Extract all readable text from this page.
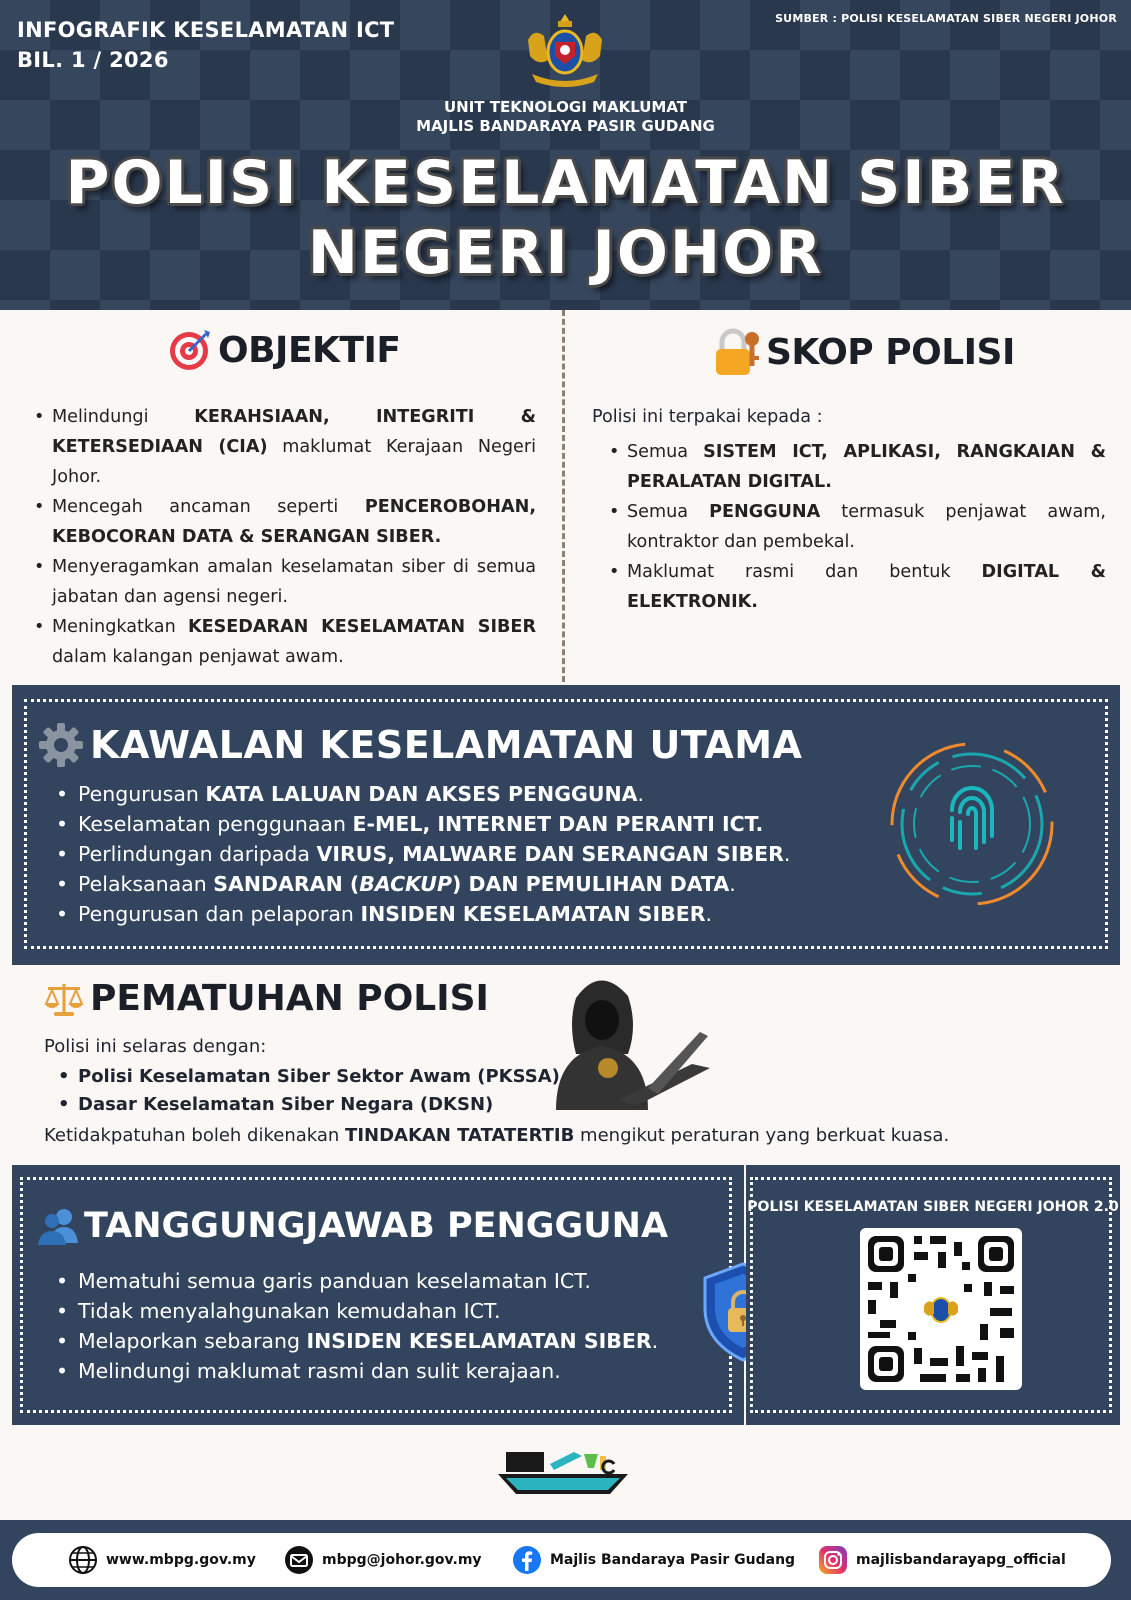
INFOGRAFIK KESELAMATAN ICT
BIL. 1 / 2026
SUMBER : POLISI KESELAMATAN SIBER NEGERI JOHOR
UNIT TEKNOLOGI MAKLUMAT
MAJLIS BANDARAYA PASIR GUDANG
POLISI KESELAMATAN SIBER
NEGERI JOHOR
OBJEKTIF
• Melindungi KERAHSIAAN, INTEGRITI & KETERSEDIAAN (CIA) maklumat Kerajaan Negeri Johor.
• Mencegah ancaman seperti PENCEROBOHAN, KEBOCORAN DATA & SERANGAN SIBER.
• Menyeragamkan amalan keselamatan siber di semua jabatan dan agensi negeri.
• Meningkatkan KESEDARAN KESELAMATAN SIBER dalam kalangan penjawat awam.
SKOP POLISI
Polisi ini terpakai kepada :
• Semua SISTEM ICT, APLIKASI, RANGKAIAN & PERALATAN DIGITAL.
• Semua PENGGUNA termasuk penjawat awam, kontraktor dan pembekal.
• Maklumat rasmi dan bentuk DIGITAL & ELEKTRONIK.
KAWALAN KESELAMATAN UTAMA
• Pengurusan KATA LALUAN DAN AKSES PENGGUNA.
• Keselamatan penggunaan E-MEL, INTERNET DAN PERANTI ICT.
• Perlindungan daripada VIRUS, MALWARE DAN SERANGAN SIBER.
• Pelaksanaan SANDARAN (BACKUP) DAN PEMULIHAN DATA.
• Pengurusan dan pelaporan INSIDEN KESELAMATAN SIBER.
PEMATUHAN POLISI
Polisi ini selaras dengan:
• Polisi Keselamatan Siber Sektor Awam (PKSSA)
• Dasar Keselamatan Siber Negara (DKSN)
Ketidakpatuhan boleh dikenakan TINDAKAN TATATERTIB mengikut peraturan yang berkuat kuasa.
TANGGUNGJAWAB PENGGUNA
• Mematuhi semua garis panduan keselamatan ICT.
• Tidak menyalahgunakan kemudahan ICT.
• Melaporkan sebarang INSIDEN KESELAMATAN SIBER.
• Melindungi maklumat rasmi dan sulit kerajaan.
POLISI KESELAMATAN SIBER NEGERI JOHOR 2.0
www.mbpg.gov.my	mbpg@johor.gov.my	Majlis Bandaraya Pasir Gudang	majlisbandarayapg_official
